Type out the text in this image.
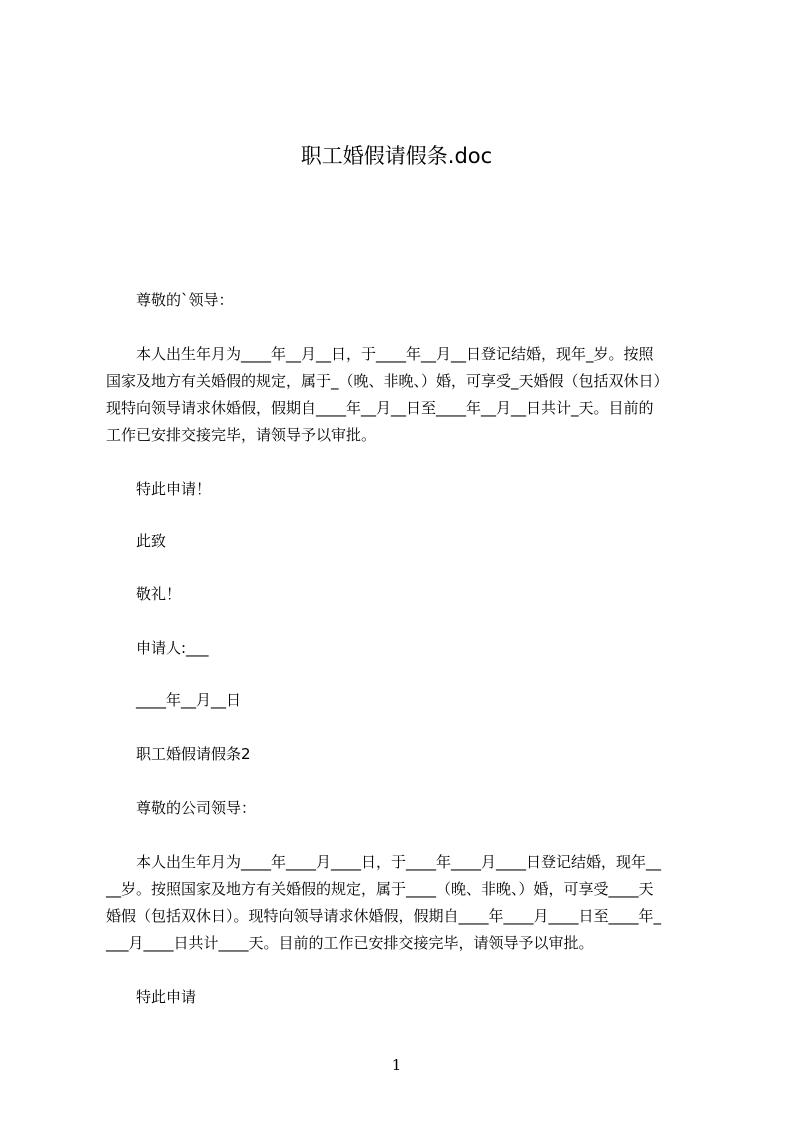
职工婚假请假条.doc
尊敬的`领导：
本人出生年月为____年__月__日，于____年__月__日登记结婚，现年_岁。按照
国家及地方有关婚假的规定，属于_（晚、非晚、）婚，可享受_天婚假（包括双休日）
现特向领导请求休婚假，假期自____年__月__日至____年__月__日共计_天。目前的
工作已安排交接完毕，请领导予以审批。
特此申请！
此致
敬礼！
申请人:___
____年__月__日
职工婚假请假条2
尊敬的公司领导：
本人出生年月为____年____月____日，于____年____月____日登记结婚，现年__
__岁。按照国家及地方有关婚假的规定，属于____（晚、非晚、）婚，可享受____天
婚假（包括双休日）。现特向领导请求休婚假，假期自____年____月____日至____年_
___月____日共计____天。目前的工作已安排交接完毕，请领导予以审批。
特此申请
1
